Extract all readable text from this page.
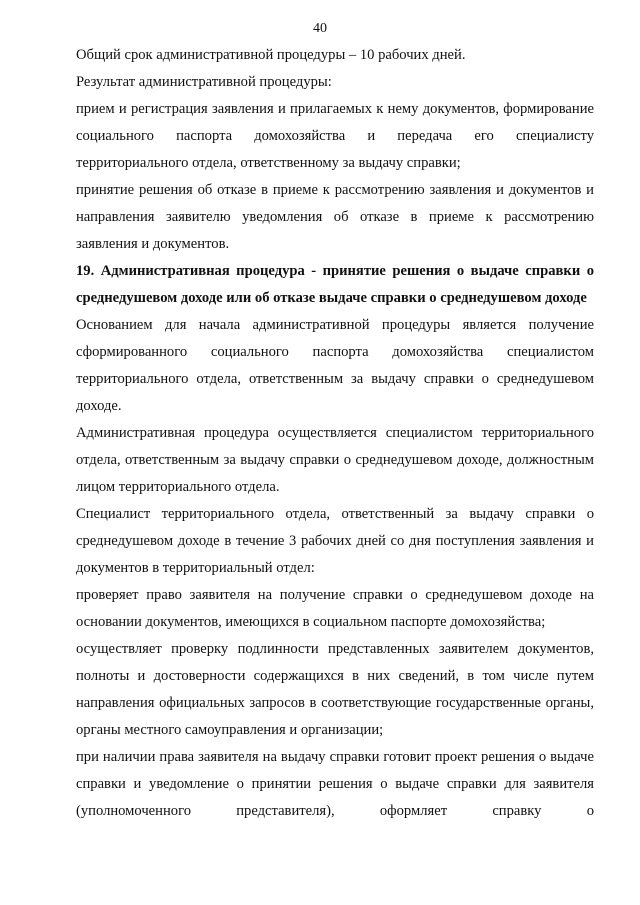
40

Общий срок административной процедуры – 10 рабочих дней.

Результат административной процедуры:

прием и регистрация заявления и прилагаемых к нему документов, формирование социального паспорта домохозяйства и передача его специалисту территориального отдела, ответственному за выдачу справки;

принятие решения об отказе в приеме к рассмотрению заявления и документов и направления заявителю уведомления об отказе в приеме к рассмотрению заявления и документов.

19. Административная процедура - принятие решения о выдаче справки о среднедушевом доходе или об отказе выдаче справки о среднедушевом доходе

Основанием для начала административной процедуры является получение сформированного социального паспорта домохозяйства специалистом территориального отдела, ответственным за выдачу справки о среднедушевом доходе.

Административная процедура осуществляется специалистом территориального отдела, ответственным за выдачу справки о среднедушевом доходе, должностным лицом территориального отдела.

Специалист территориального отдела, ответственный за выдачу справки о среднедушевом доходе в течение 3 рабочих дней со дня поступления заявления и документов в территориальный отдел:

проверяет право заявителя на получение справки о среднедушевом доходе на основании документов, имеющихся в социальном паспорте домохозяйства;

осуществляет проверку подлинности представленных заявителем документов, полноты и достоверности содержащихся в них сведений, в том числе путем направления официальных запросов в соответствующие государственные органы, органы местного самоуправления и организации;

при наличии права заявителя на выдачу справки готовит проект решения о выдаче справки и уведомление о принятии решения о выдаче справки для заявителя (уполномоченного представителя), оформляет справку о
